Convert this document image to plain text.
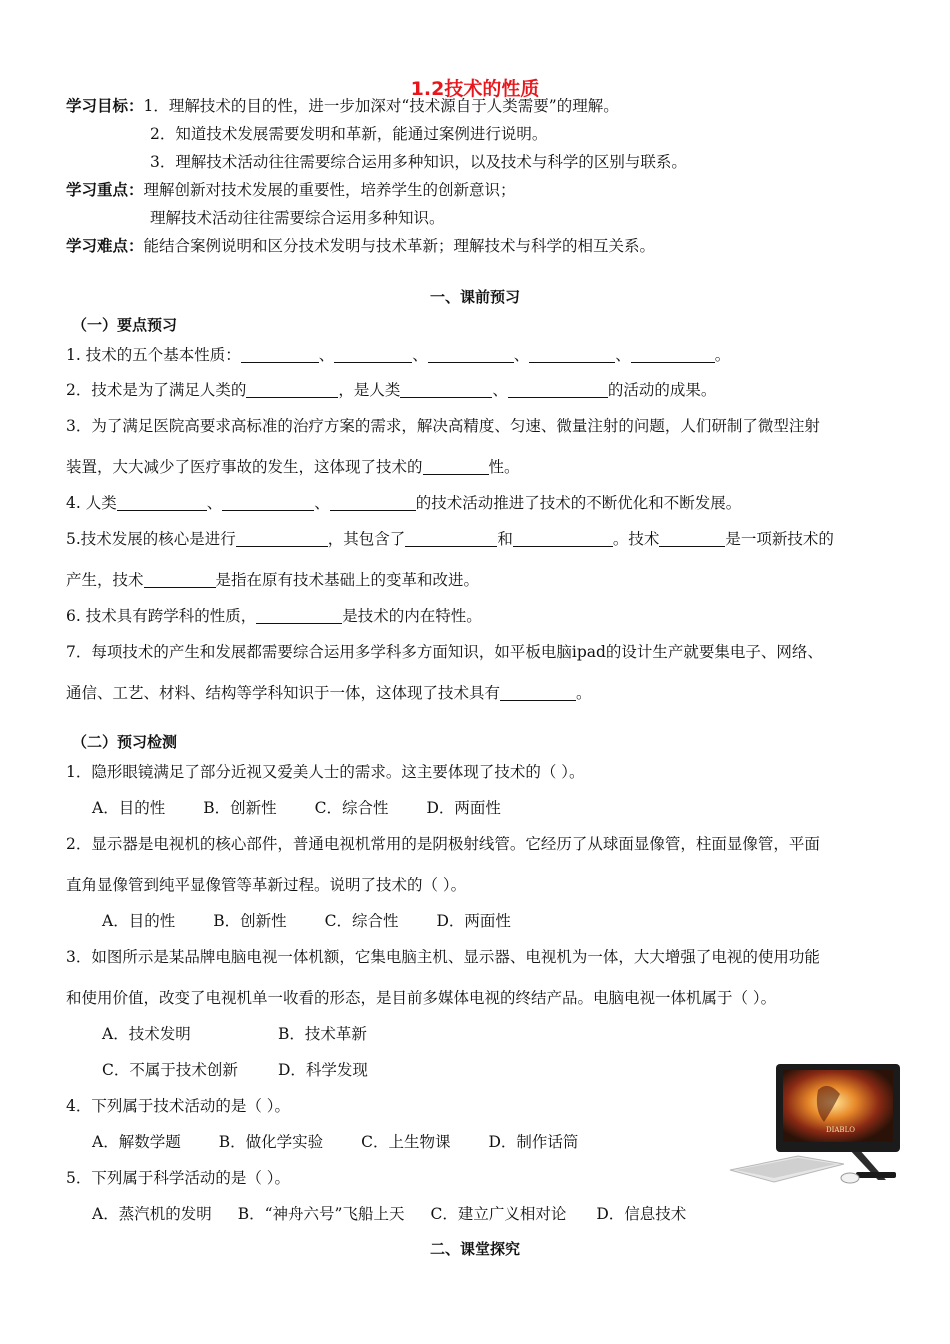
1.2技术的性质
学习目标：1．理解技术的目的性，进一步加深对“技术源自于人类需要”的理解。
2．知道技术发展需要发明和革新，能通过案例进行说明。
3．理解技术活动往往需要综合运用多种知识，以及技术与科学的区别与联系。
学习重点：理解创新对技术发展的重要性，培养学生的创新意识；
理解技术活动往往需要综合运用多种知识。
学习难点：能结合案例说明和区分技术发明与技术革新；理解技术与科学的相互关系。
一、课前预习
（一）要点预习
1. 技术的五个基本性质：	、	、	、	、	。
2．技术是为了满足人类的	，是人类	、	的活动的成果。
3．为了满足医院高要求高标准的治疗方案的需求，解决高精度、匀速、微量注射的问题，人们研制了微型注射
装置，大大减少了医疗事故的发生，这体现了技术的	性。
4. 人类	、	、	的技术活动推进了技术的不断优化和不断发展。
5.技术发展的核心是进行	，其包含了	和	。技术	是一项新技术的
产生，技术	是指在原有技术基础上的变革和改进。
6. 技术具有跨学科的性质，	是技术的内在特性。
7．每项技术的产生和发展都需要综合运用多学科多方面知识，如平板电脑ipad的设计生产就要集电子、网络、
通信、工艺、材料、结构等学科知识于一体，这体现了技术具有	。
（二）预习检测
1．隐形眼镜满足了部分近视又爱美人士的需求。这主要体现了技术的（ ）。
A．目的性 B．创新性 C．综合性 D．两面性
2．显示器是电视机的核心部件，普通电视机常用的是阴极射线管。它经历了从球面显像管，柱面显像管，平面
直角显像管到纯平显像管等革新过程。说明了技术的（ ）。
A．目的性 B．创新性 C．综合性 D．两面性
3．如图所示是某品牌电脑电视一体机额，它集电脑主机、显示器、电视机为一体，大大增强了电视的使用功能
和使用价值，改变了电视机单一收看的形态，是目前多媒体电视的终结产品。电脑电视一体机属于（ ）。
A．技术发明	B．技术革新
C．不属于技术创新	D．科学发现
4．下列属于技术活动的是（ ）。
A．解数学题 B．做化学实验 C．上生物课 D．制作话筒
5．下列属于科学活动的是（ ）。
A．蒸汽机的发明 B．“神舟六号”飞船上天 C．建立广义相对论 D．信息技术
二、课堂探究
DIABLO
